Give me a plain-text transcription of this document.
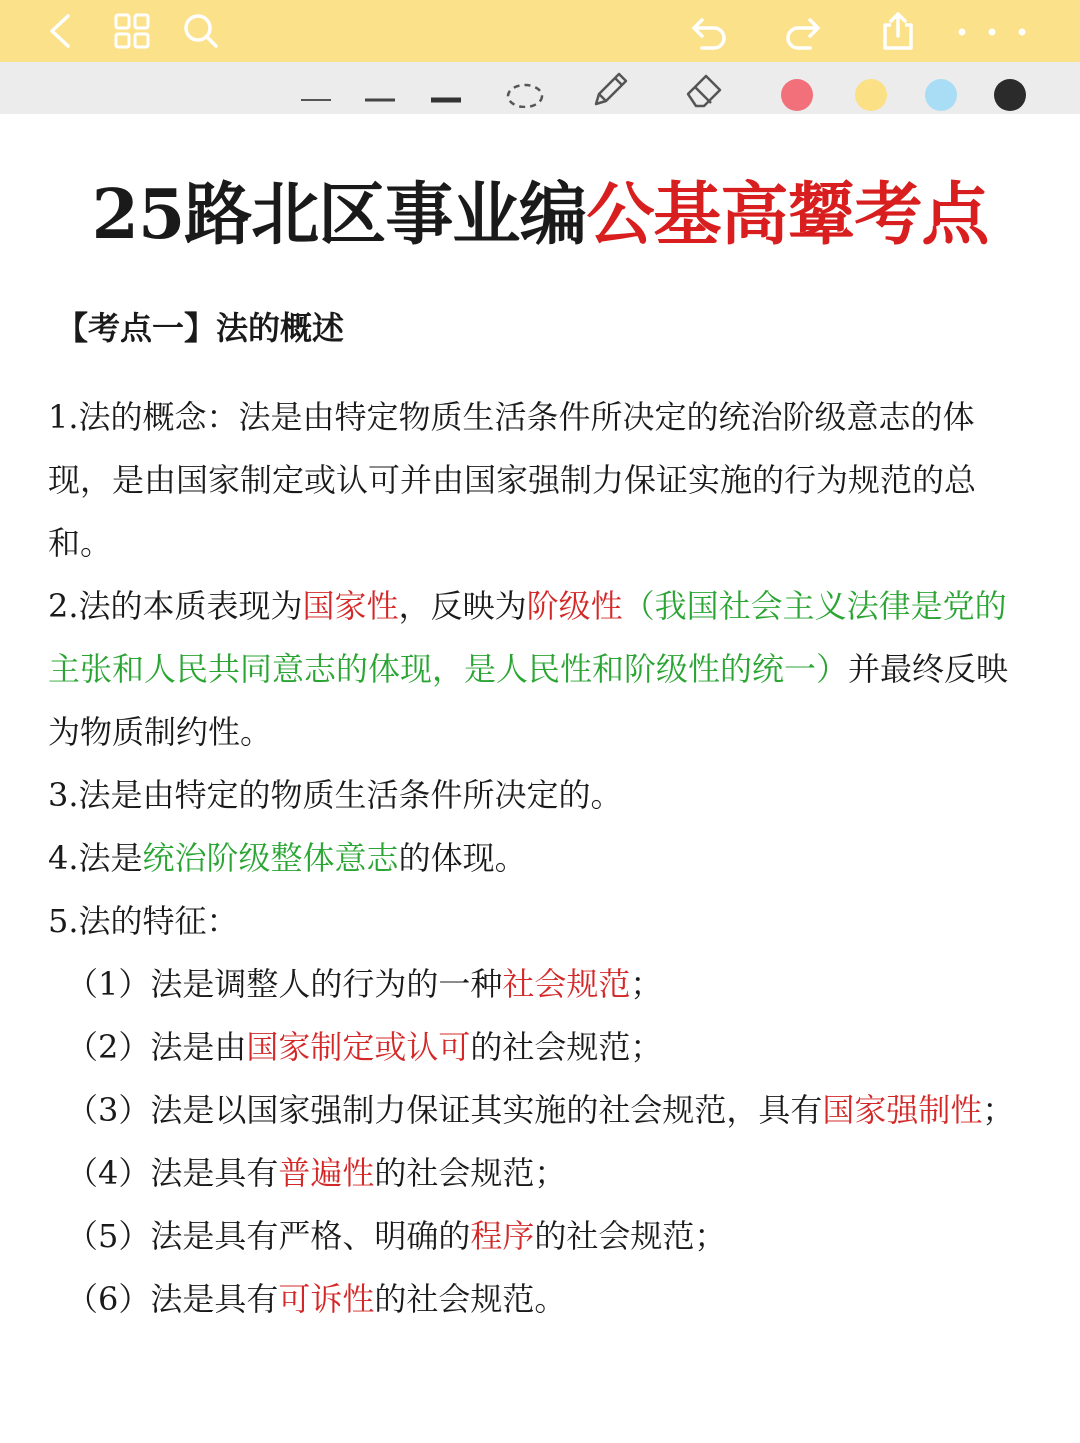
25路北区事业编公基高颦考点
【考点一】法的概述

1.法的概念：法是由特定物质生活条件所决定的统治阶级意志的体现，是由国家制定或认可并由国家强制力保证实施的行为规范的总和。

2.法的本质表现为国家性，反映为阶级性（我国社会主义法律是党的主张和人民共同意志的体现，是人民性和阶级性的统一）并最终反映为物质制约性。

3.法是由特定的物质生活条件所决定的。

4.法是统治阶级整体意志的体现。

5.法的特征：

（1）法是调整人的行为的一种社会规范；

（2）法是由国家制定或认可的社会规范；

（3）法是以国家强制力保证其实施的社会规范，具有国家强制性；

（4）法是具有普遍性的社会规范；

（5）法是具有严格、明确的程序的社会规范；

（6）法是具有可诉性的社会规范。
